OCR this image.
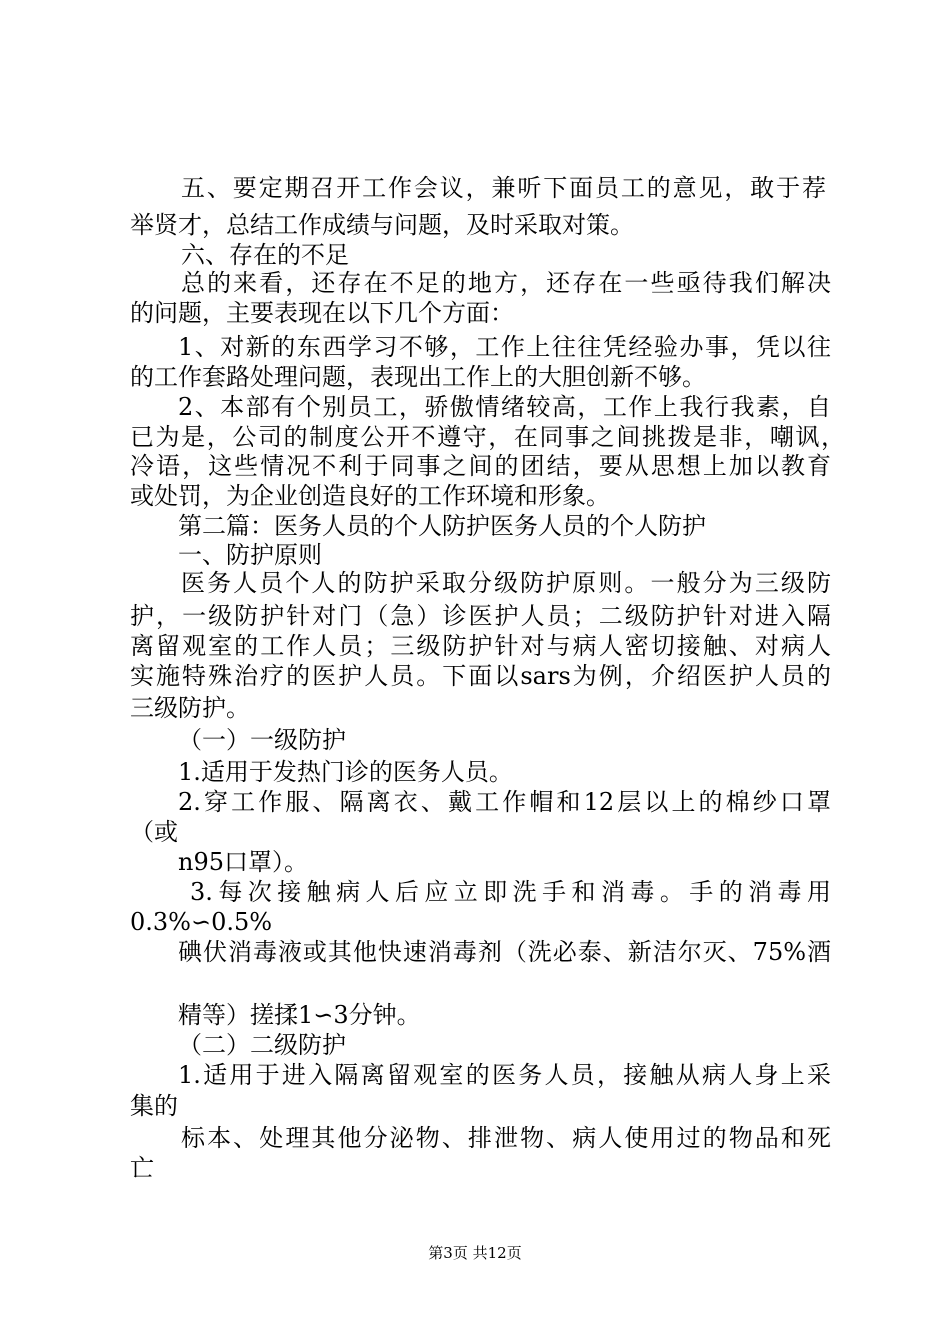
五、要定期召开工作会议，兼听下面员工的意见，敢于荐
举贤才，总结工作成绩与问题，及时采取对策。
六、存在的不足
总的来看，还存在不足的地方，还存在一些亟待我们解决
的问题，主要表现在以下几个方面：
1、对新的东西学习不够，工作上往往凭经验办事，凭以往
的工作套路处理问题，表现出工作上的大胆创新不够。
2、本部有个别员工，骄傲情绪较高，工作上我行我素，自
已为是，公司的制度公开不遵守，在同事之间挑拨是非，嘲讽，
冷语，这些情况不利于同事之间的团结，要从思想上加以教育
或处罚，为企业创造良好的工作环境和形象。
第二篇：医务人员的个人防护医务人员的个人防护
一、防护原则
医务人员个人的防护采取分级防护原则。一般分为三级防
护，一级防护针对门（急）诊医护人员；二级防护针对进入隔
离留观室的工作人员；三级防护针对与病人密切接触、对病人
实施特殊治疗的医护人员。下面以sars为例，介绍医护人员的
三级防护。
（一）一级防护
1.适用于发热门诊的医务人员。
2.穿工作服、隔离衣、戴工作帽和12层以上的棉纱口罩
（或
n95口罩）。
3.每次接触病人后应立即洗手和消毒。手的消毒用
0.3%∽0.5%
碘伏消毒液或其他快速消毒剂（洗必泰、新洁尔灭、75%酒
精等）搓揉1∽3分钟。
（二）二级防护
1.适用于进入隔离留观室的医务人员，接触从病人身上采
集的
标本、处理其他分泌物、排泄物、病人使用过的物品和死
亡
第3页 共12页
